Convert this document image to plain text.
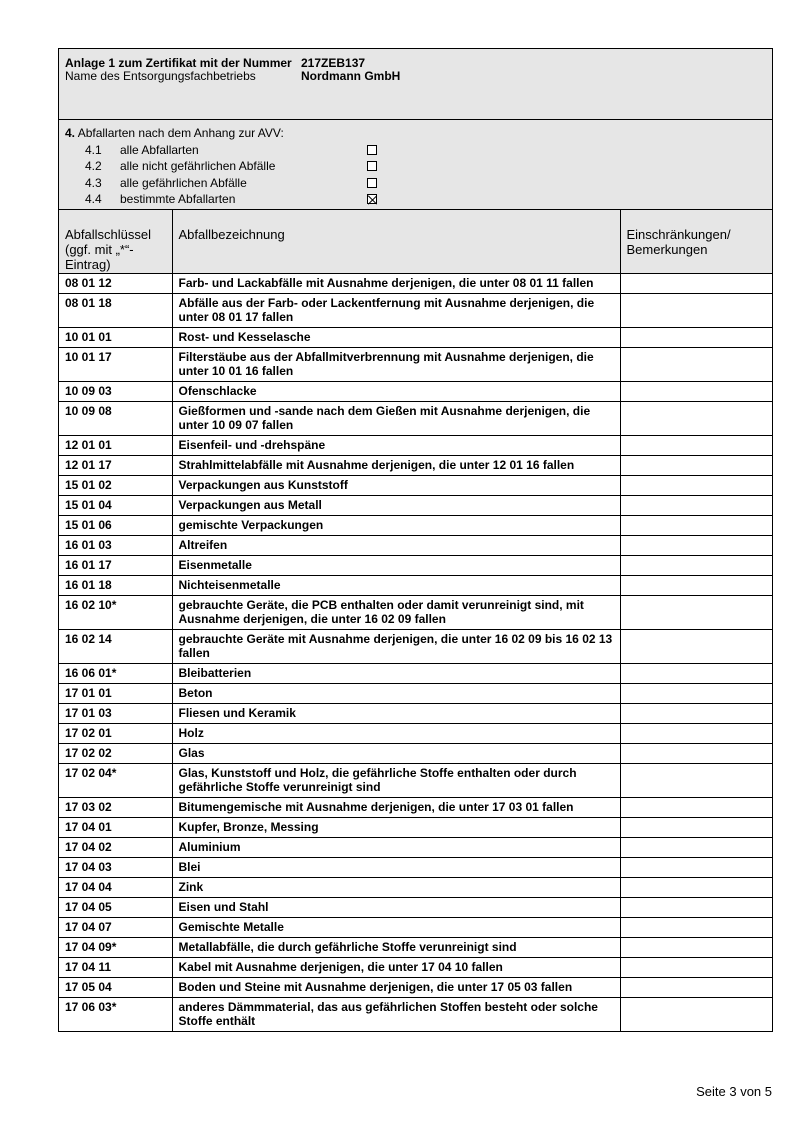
Anlage 1 zum Zertifikat mit der Nummer 217ZEB137
Name des Entsorgungsfachbetriebs	Nordmann GmbH
4. Abfallarten nach dem Anhang zur AVV:
4.1	alle Abfallarten
4.2	alle nicht gefährlichen Abfälle
4.3	alle gefährlichen Abfälle
4.4	bestimmte Abfallarten
Abfallschlüssel (ggf. mit „*“-Eintrag)	Abfallbezeichnung	Einschränkungen/ Bemerkungen
08 01 12	Farb- und Lackabfälle mit Ausnahme derjenigen, die unter 08 01 11 fallen	
08 01 18	Abfälle aus der Farb- oder Lackentfernung mit Ausnahme derjenigen, die unter 08 01 17 fallen	
10 01 01	Rost- und Kesselasche	
10 01 17	Filterstäube aus der Abfallmitverbrennung mit Ausnahme derjenigen, die unter 10 01 16 fallen	
10 09 03	Ofenschlacke	
10 09 08	Gießformen und -sande nach dem Gießen mit Ausnahme derjenigen, die unter 10 09 07 fallen	
12 01 01	Eisenfeil- und -drehspäne	
12 01 17	Strahlmittelabfälle mit Ausnahme derjenigen, die unter 12 01 16 fallen	
15 01 02	Verpackungen aus Kunststoff	
15 01 04	Verpackungen aus Metall	
15 01 06	gemischte Verpackungen	
16 01 03	Altreifen	
16 01 17	Eisenmetalle	
16 01 18	Nichteisenmetalle	
16 02 10*	gebrauchte Geräte, die PCB enthalten oder damit verunreinigt sind, mit Ausnahme derjenigen, die unter 16 02 09 fallen	
16 02 14	gebrauchte Geräte mit Ausnahme derjenigen, die unter 16 02 09 bis 16 02 13 fallen	
16 06 01*	Bleibatterien	
17 01 01	Beton	
17 01 03	Fliesen und Keramik	
17 02 01	Holz	
17 02 02	Glas	
17 02 04*	Glas, Kunststoff und Holz, die gefährliche Stoffe enthalten oder durch gefährliche Stoffe verunreinigt sind	
17 03 02	Bitumengemische mit Ausnahme derjenigen, die unter 17 03 01 fallen	
17 04 01	Kupfer, Bronze, Messing	
17 04 02	Aluminium	
17 04 03	Blei	
17 04 04	Zink	
17 04 05	Eisen und Stahl	
17 04 07	Gemischte Metalle	
17 04 09*	Metallabfälle, die durch gefährliche Stoffe verunreinigt sind	
17 04 11	Kabel mit Ausnahme derjenigen, die unter 17 04 10 fallen	
17 05 04	Boden und Steine mit Ausnahme derjenigen, die unter 17 05 03 fallen	
17 06 03*	anderes Dämmmaterial, das aus gefährlichen Stoffen besteht oder solche Stoffe enthält	
Seite 3 von 5
